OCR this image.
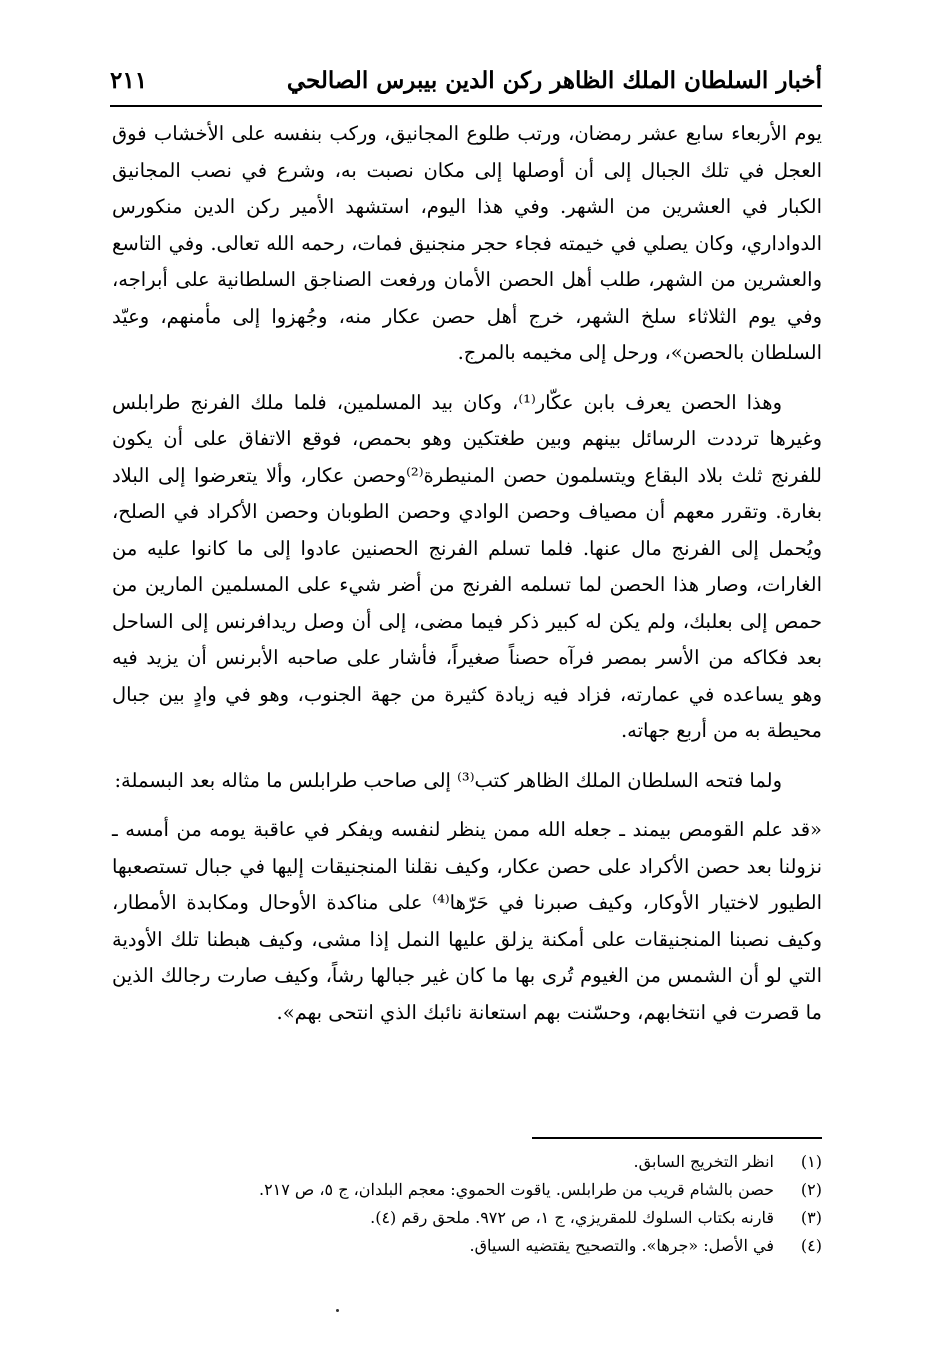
أخبار السلطان الملك الظاهر ركن الدين بيبرس الصالحي
٢١١

يوم الأربعاء سابع عشر رمضان، ورتب طلوع المجانيق، وركب بنفسه على الأخشاب فوق العجل في تلك الجبال إلى أن أوصلها إلى مكان نصبت به، وشرع في نصب المجانيق الكبار في العشرين من الشهر. وفي هذا اليوم، استشهد الأمير ركن الدين منكورس الدواداري، وكان يصلي في خيمته فجاء حجر منجنيق فمات، رحمه الله تعالى. وفي التاسع والعشرين من الشهر، طلب أهل الحصن الأمان ورفعت الصناجق السلطانية على أبراجه، وفي يوم الثلاثاء سلخ الشهر، خرج أهل حصن عكار منه، وجُهزوا إلى مأمنهم، وعيّد السلطان بالحصن»، ورحل إلى مخيمه بالمرج.

وهذا الحصن يعرف بابن عكّار⁽¹⁾، وكان بيد المسلمين، فلما ملك الفرنج طرابلس وغيرها ترددت الرسائل بينهم وبين طغتكين وهو بحمص، فوقع الاتفاق على أن يكون للفرنج ثلث بلاد البقاع ويتسلمون حصن المنيطرة⁽²⁾وحصن عكار، وألا يتعرضوا إلى البلاد بغارة. وتقرر معهم أن مصياف وحصن الوادي وحصن الطوبان وحصن الأكراد في الصلح، ويُحمل إلى الفرنج مال عنها. فلما تسلم الفرنج الحصنين عادوا إلى ما كانوا عليه من الغارات، وصار هذا الحصن لما تسلمه الفرنج من أضر شيء على المسلمين المارين من حمص إلى بعلبك، ولم يكن له كبير ذكر فيما مضى، إلى أن وصل ريدافرنس إلى الساحل بعد فكاكه من الأسر بمصر فرآه حصناً صغيراً، فأشار على صاحبه الأبرنس أن يزيد فيه وهو يساعده في عمارته، فزاد فيه زيادة كثيرة من جهة الجنوب، وهو في وادٍ بين جبال محيطة به من أربع جهاته.

ولما فتحه السلطان الملك الظاهر كتب⁽³⁾ إلى صاحب طرابلس ما مثاله بعد البسملة:

«قد علم القومص بيمند ـ جعله الله ممن ينظر لنفسه ويفكر في عاقبة يومه من أمسه ـ نزولنا بعد حصن الأكراد على حصن عكار، وكيف نقلنا المنجنيقات إليها في جبال تستصعبها الطيور لاختيار الأوكار، وكيف صبرنا في حَرّها⁽⁴⁾ على مناكدة الأوحال ومكابدة الأمطار، وكيف نصبنا المنجنيقات على أمكنة يزلق عليها النمل إذا مشى، وكيف هبطنا تلك الأودية التي لو أن الشمس من الغيوم تُرى بها ما كان غير جبالها رشاً، وكيف صارت رجالك الذين ما قصرت في انتخابهم، وحسّنت بهم استعانة نائبك الذي انتحى بهم».

(١)
انظر التخريج السابق.
(٢)
حصن بالشام قريب من طرابلس. ياقوت الحموي: معجم البلدان، ج ٥، ص ٢١٧.
(٣)
قارنه بكتاب السلوك للمقريزي، ج ١، ص ٩٧٢. ملحق رقم (٤).
(٤)
في الأصل: «جرها». والتصحيح يقتضيه السياق.
